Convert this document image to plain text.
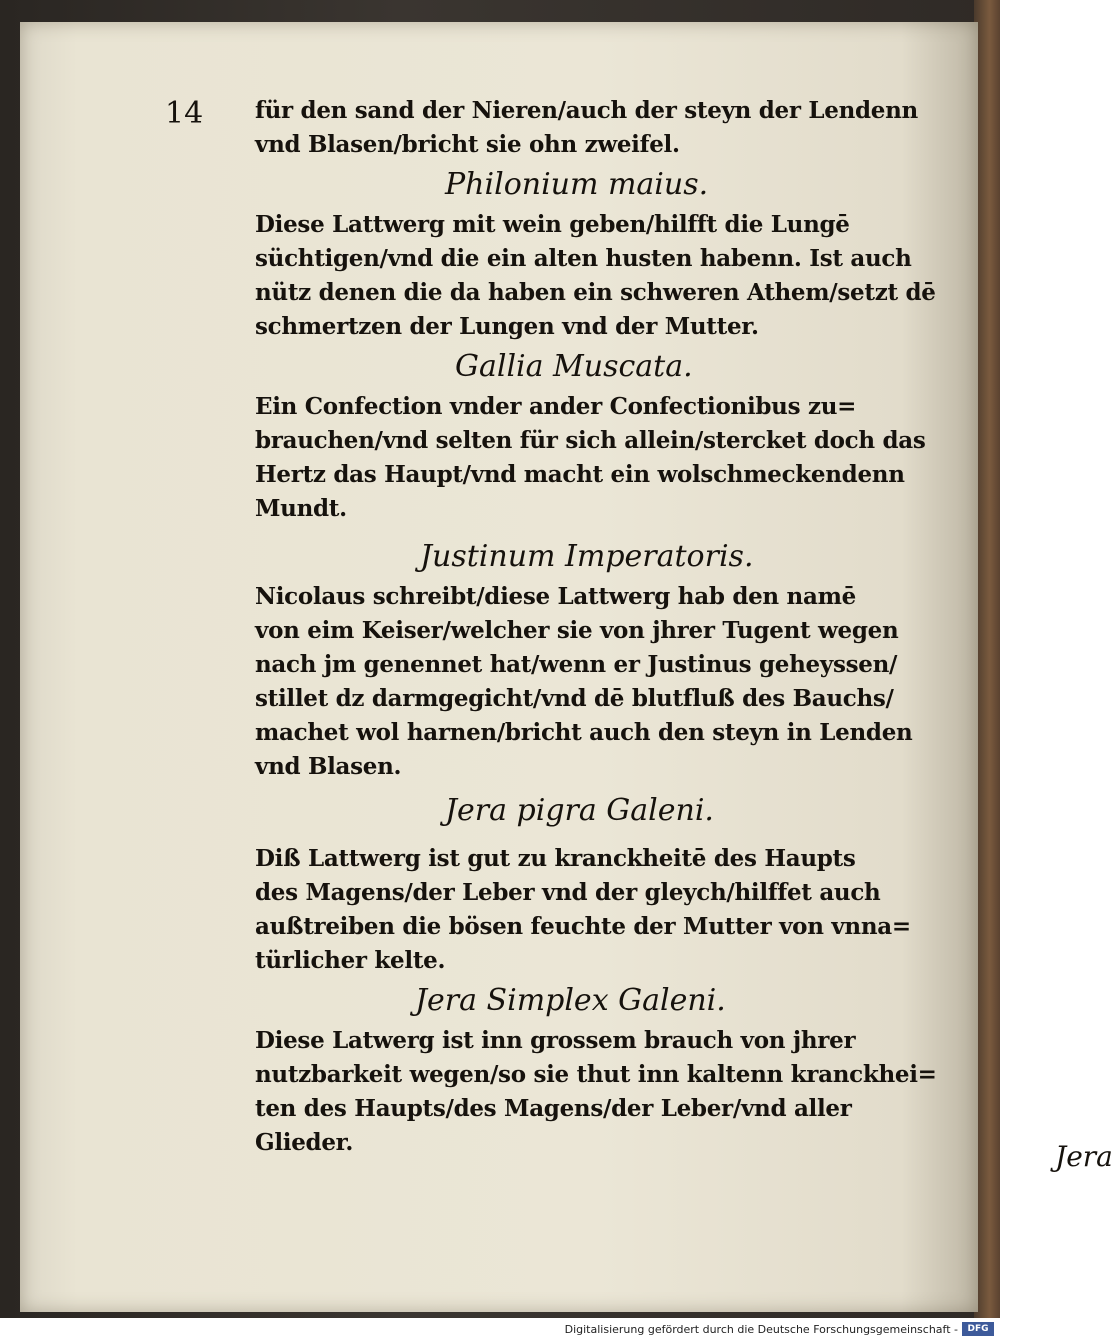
14 für den sand der Nieren/auch der steyn der Lendenn
vnd Blasen/bricht sie ohn zweifel.
Philonium maius.
Diese Lattwerg mit wein geben/hilfft die Lungē
süchtigen/vnd die ein alten husten habenn. Ist auch
nütz denen die da haben ein schweren Athem/setzt dē
schmertzen der Lungen vnd der Mutter.
Gallia Muscata.
Ein Confection vnder ander Confectionibus zu=
brauchen/vnd selten für sich allein/stercket doch das
Hertz das Haupt/vnd macht ein wolschmeckendenn
Mundt.
Justinum Imperatoris.
Nicolaus schreibt/diese Lattwerg hab den namē
von eim Keiser/welcher sie von jhrer Tugent wegen
nach jm genennet hat/wenn er Justinus geheyssen/
stillet dz darmgegicht/vnd dē blutfluß des Bauchs/
machet wol harnen/bricht auch den steyn in Lenden
vnd Blasen.
Jera pigra Galeni.
Diß Lattwerg ist gut zu kranckheitē des Haupts
des Magens/der Leber vnd der gleych/hilffet auch
außtreiben die bösen feuchte der Mutter von vnna=
türlicher kelte.
Jera Simplex Galeni.
Diese Latwerg ist inn grossem brauch von jhrer
nutzbarkeit wegen/so sie thut inn kaltenn kranckhei=
ten des Haupts/des Magens/der Leber/vnd aller
Glieder.	Jera
Digitalisierung gefördert durch die Deutsche Forschungsgemeinschaft -	DFG
